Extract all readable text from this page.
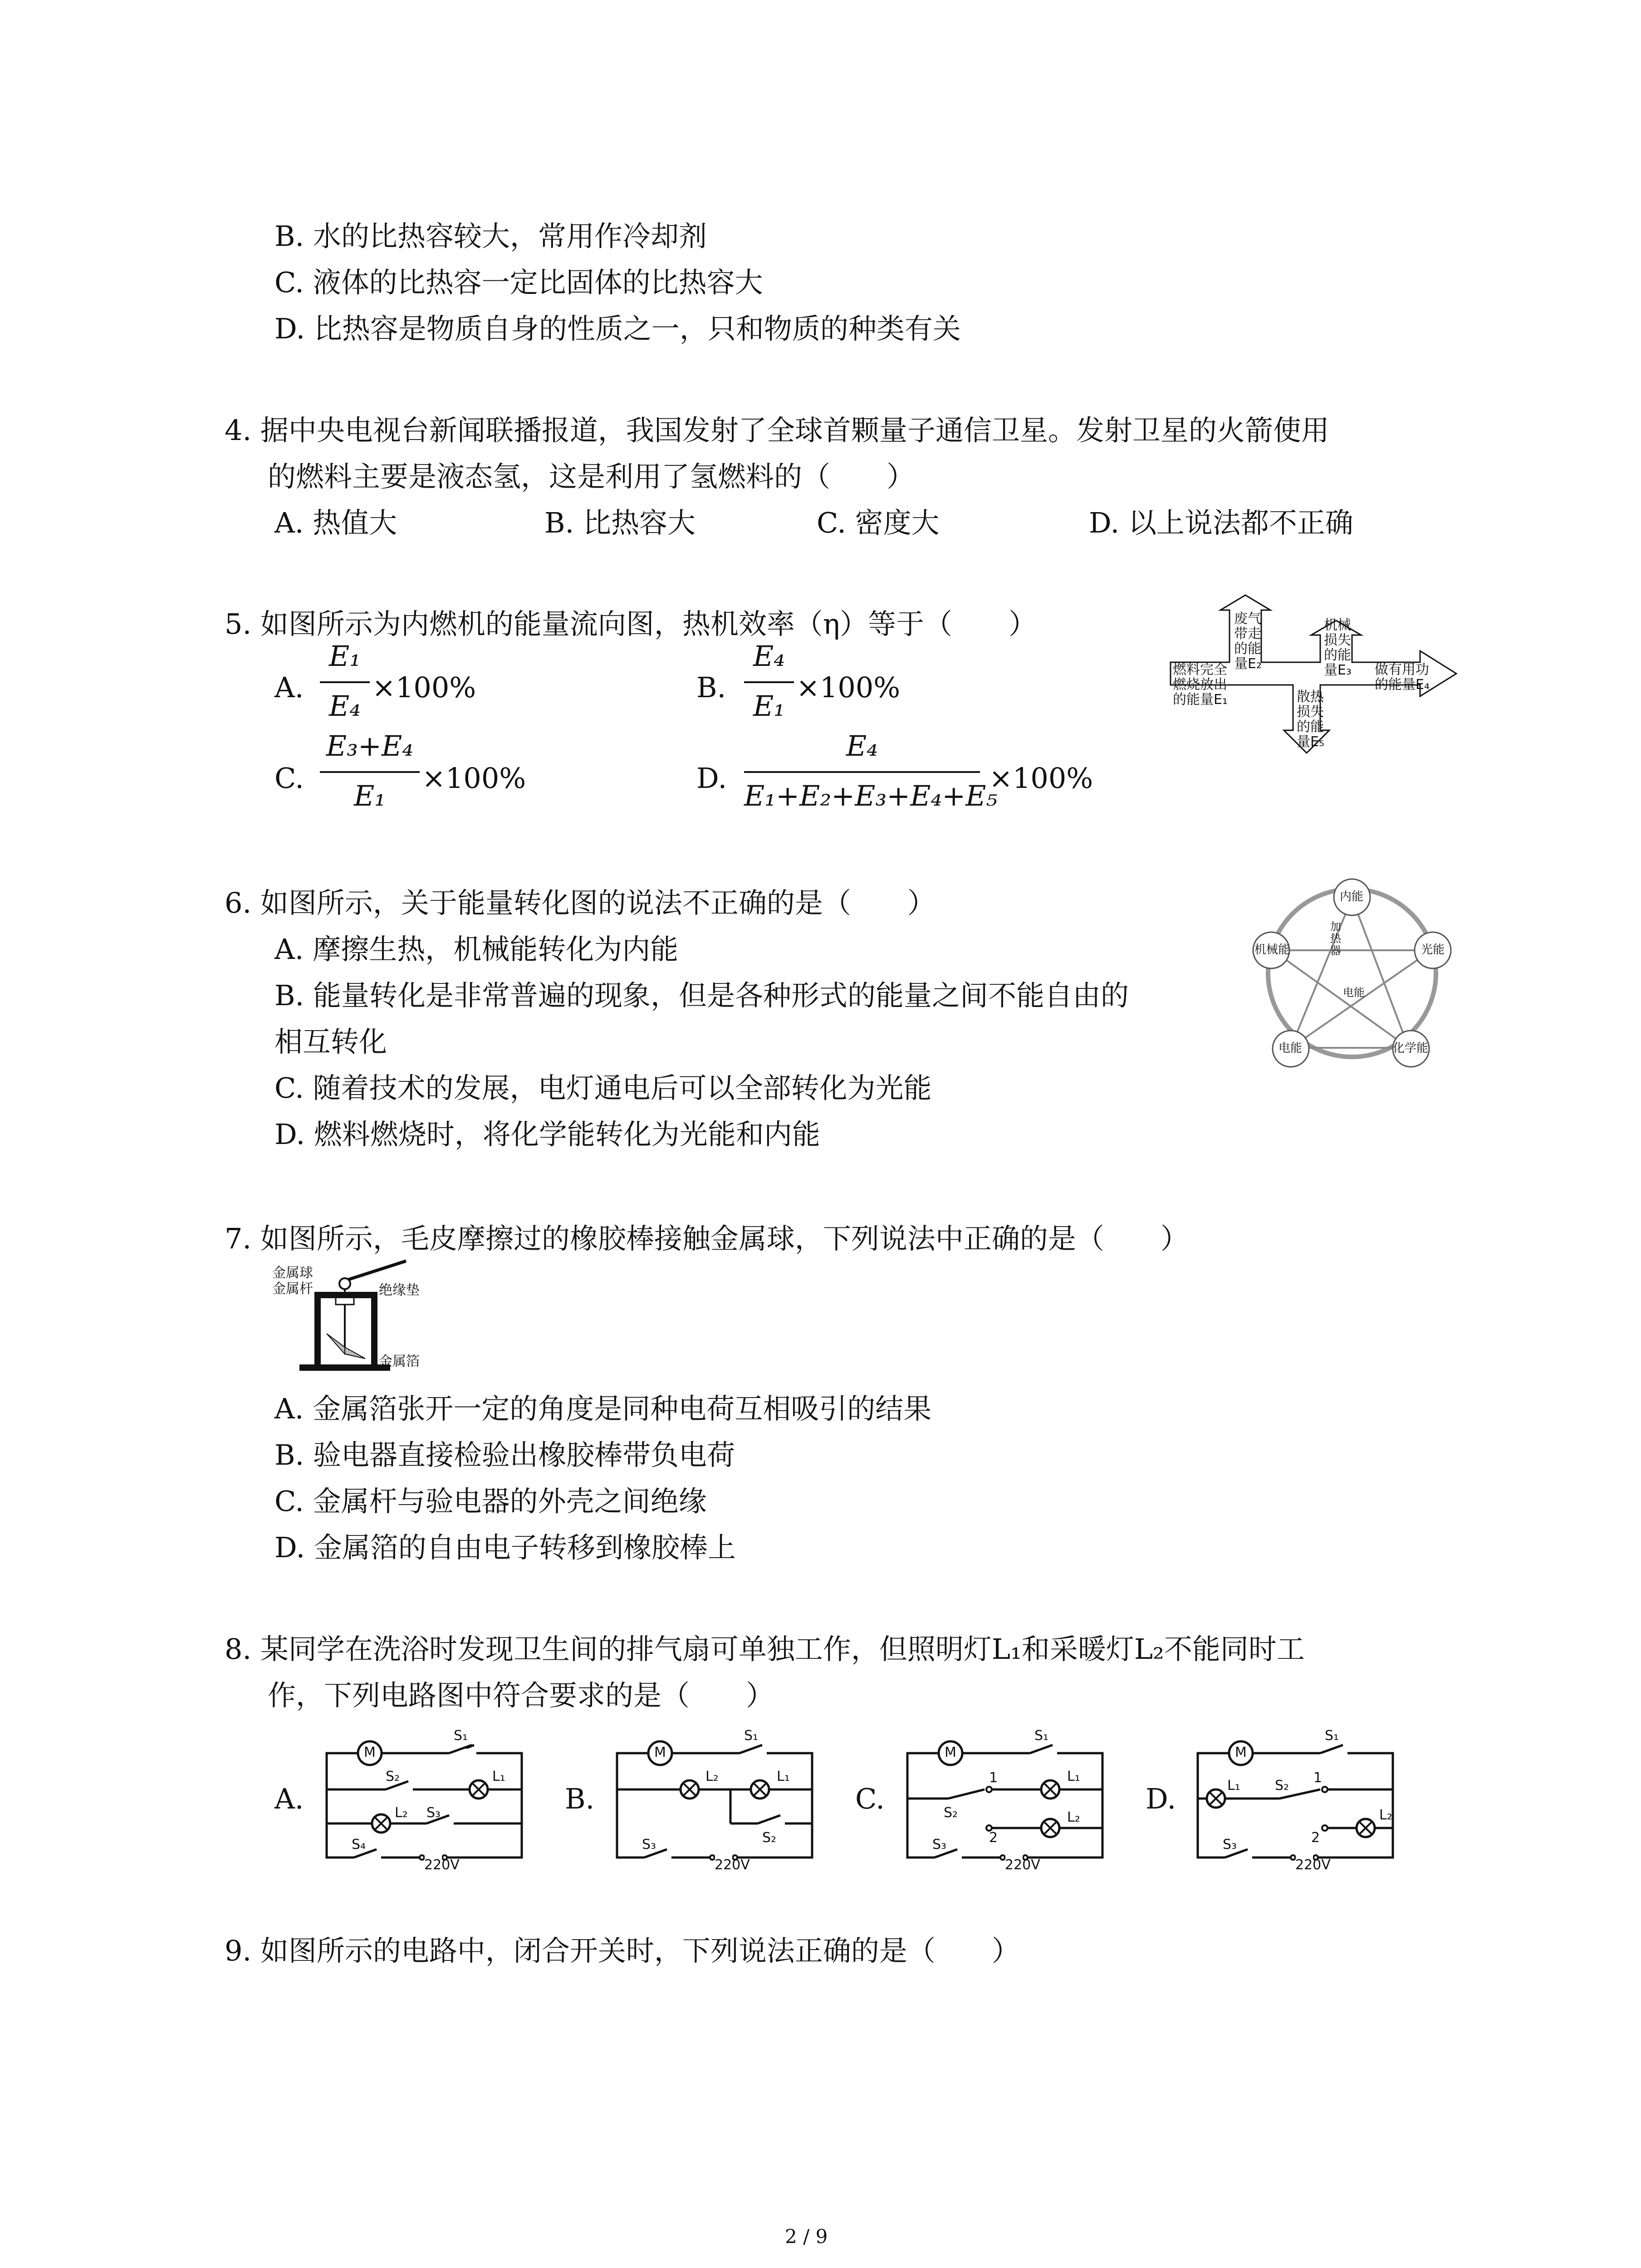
B. 水的比热容较大，常用作冷却剂
C. 液体的比热容一定比固体的比热容大
D. 比热容是物质自身的性质之一，只和物质的种类有关
4. 据中央电视台新闻联播报道，我国发射了全球首颗量子通信卫星。发射卫星的火箭使用
的燃料主要是液态氢，这是利用了氢燃料的（　　）
A. 热值大	B. 比热容大	C. 密度大	D. 以上说法都不正确
5. 如图所示为内燃机的能量流向图，热机效率（η）等于（　　）
A.
E₁
E₄
×100%	B.
E₄
E₁
×100%
C.
E₃+E₄
E₁
×100%	D.
E₄
E₁+E₂+E₃+E₄+E₅
×100%
燃料完全
燃烧放出
的能量E₁
废气
带走
的能
量E₂
机械
损失
的能
量E₃ 做有用功
的能量E₄
散热
损失
的能
量E₅
6. 如图所示，关于能量转化图的说法不正确的是（　　）
A. 摩擦生热，机械能转化为内能
B. 能量转化是非常普遍的现象，但是各种形式的能量之间不能自由的
相互转化
C. 随着技术的发展，电灯通电后可以全部转化为光能
D. 燃料燃烧时，将化学能转化为光能和内能
内能
机械能	光能
电能	化学能
加
热
器
电能
7. 如图所示，毛皮摩擦过的橡胶棒接触金属球，下列说法中正确的是（　　）
金属球
金属杆	绝缘垫
金属箔
A. 金属箔张开一定的角度是同种电荷互相吸引的结果
B. 验电器直接检验出橡胶棒带负电荷
C. 金属杆与验电器的外壳之间绝缘
D. 金属箔的自由电子转移到橡胶棒上
8. 某同学在洗浴时发现卫生间的排气扇可单独工作，但照明灯L₁和采暖灯L₂不能同时工
作，下列电路图中符合要求的是（　　）
A.	B.	C.	D.
M
S₁
S₂	L₁
L₂ S₃
S₄
220V
M
S₁
L₂	L₁
S₂
S₃
220V
M
S₁
1	L₁
S₂	L₂
2
S₃
220V
M
S₁
1
L₁	S₂
L₂
2
S₃
220V
9. 如图所示的电路中，闭合开关时，下列说法正确的是（　　）
2 / 9
